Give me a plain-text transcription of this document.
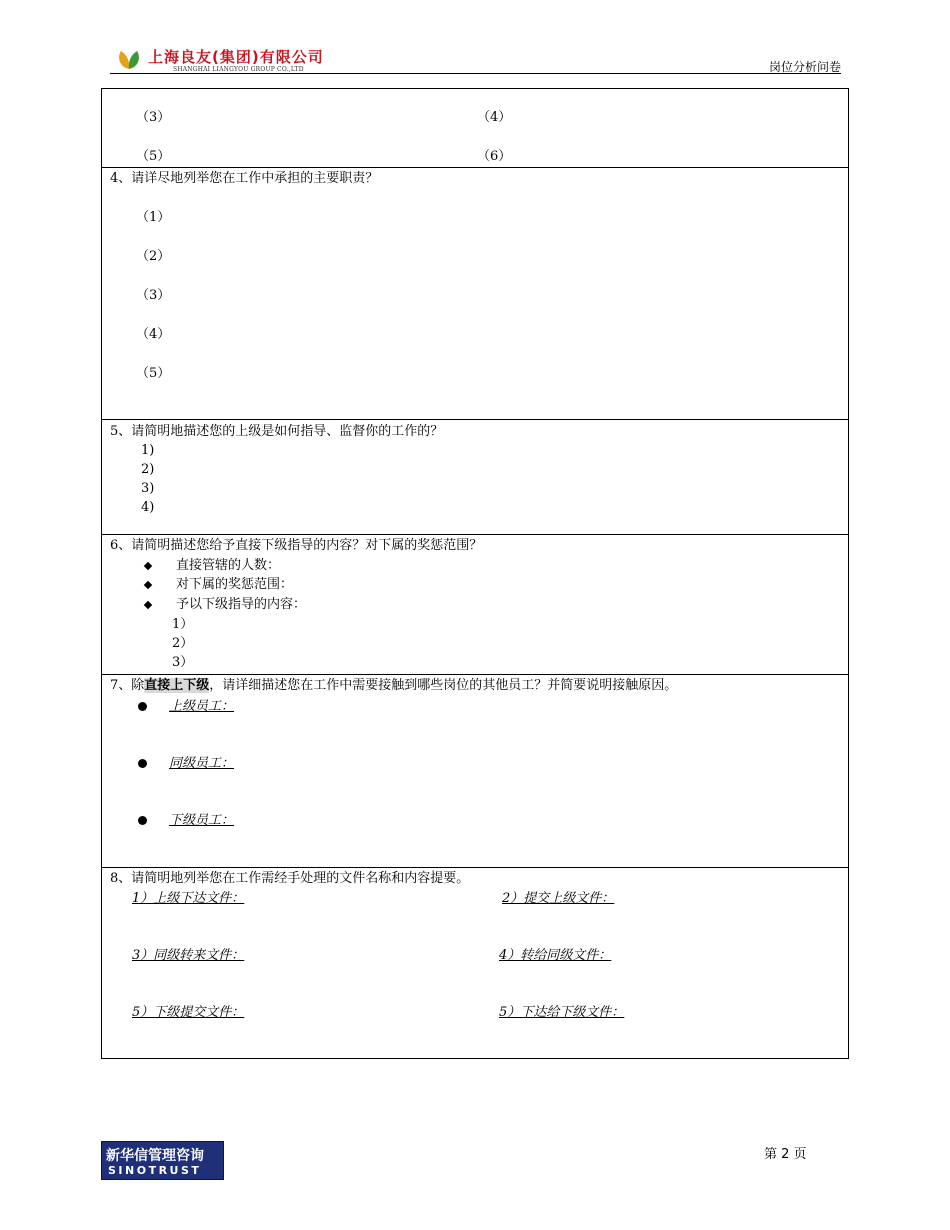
上海良友(集团)有限公司
SHANGHAI LIANGYOU GROUP CO.,LTD	岗位分析问卷
（3）	（4）
（5）	（6）
4、请详尽地列举您在工作中承担的主要职责？
（1）
（2）
（3）
（4）
（5）
5、请简明地描述您的上级是如何指导、监督你的工作的？
1)
2)
3)
4)
6、请简明描述您给予直接下级指导的内容？对下属的奖惩范围？
直接管辖的人数：
对下属的奖惩范围：
予以下级指导的内容：
1）
2）
3）
7、除直接上下级，请详细描述您在工作中需要接触到哪些岗位的其他员工？并简要说明接触原因。
上级员工：
同级员工：
下级员工：
8、请简明地列举您在工作需经手处理的文件名称和内容提要。
1）上级下达文件：	2）提交上级文件：
3）同级转来文件：	4）转给同级文件：
5）下级提交文件：	5）下达给下级文件：
新华信管理咨询
SINOTRUST
第 2 页
